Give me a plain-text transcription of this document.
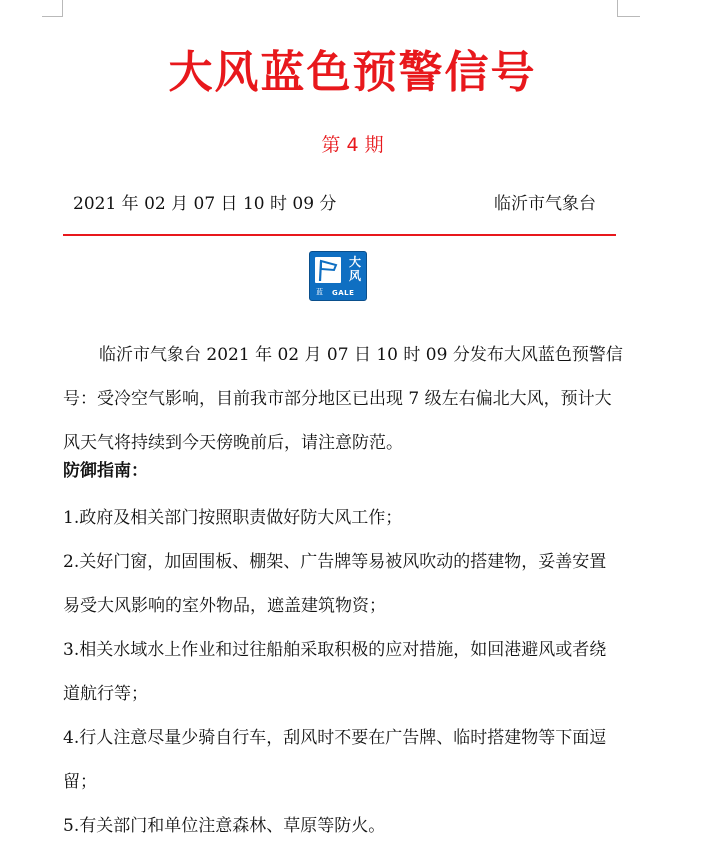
大风蓝色预警信号
第 4 期
2021 年 02 月 07 日 10 时 09 分	临沂市气象台
大
风
蓝 GALE
临沂市气象台 2021 年 02 月 07 日 10 时 09 分发布大风蓝色预警信号：受冷空气影响，目前我市部分地区已出现 7 级左右偏北大风，预计大风天气将持续到今天傍晚前后，请注意防范。
防御指南：

1.政府及相关部门按照职责做好防大风工作；

2.关好门窗，加固围板、棚架、广告牌等易被风吹动的搭建物，妥善安置易受大风影响的室外物品，遮盖建筑物资；

3.相关水域水上作业和过往船舶采取积极的应对措施，如回港避风或者绕道航行等；

4.行人注意尽量少骑自行车，刮风时不要在广告牌、临时搭建物等下面逗留；

5.有关部门和单位注意森林、草原等防火。
